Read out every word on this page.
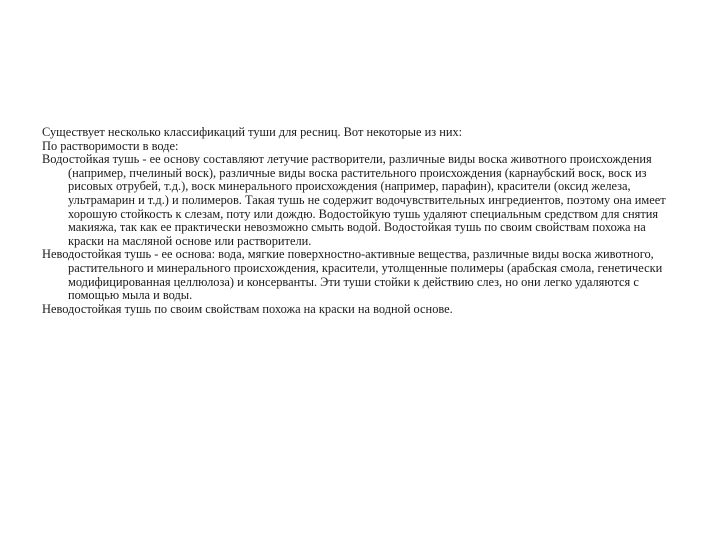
Существует несколько классификаций туши для ресниц. Вот некоторые из них:

По растворимости в воде:

Водостойкая тушь - ее основу составляют летучие растворители, различные виды воска животного происхождения (например, пчелиный воск), различные виды воска растительного происхождения (карнаубский воск, воск из рисовых отрубей, т.д.), воск минерального происхождения (например, парафин), красители (оксид железа, ультрамарин и т.д.) и полимеров. Такая тушь не содержит водочувствительных ингредиентов, поэтому она имеет хорошую стойкость к слезам, поту или дождю. Водостойкую тушь удаляют специальным средством для снятия макияжа, так как ее практически невозможно смыть водой. Водостойкая тушь по своим свойствам похожа на краски на масляной основе или растворители.

Неводостойкая тушь - ее основа: вода, мягкие поверхностно-активные вещества, различные виды воска животного, растительного и минерального происхождения, красители, утолщенные полимеры (арабская смола, генетически модифицированная целлюлоза) и консерванты. Эти туши стойки к действию слез, но они легко удаляются с помощью мыла и воды.

Неводостойкая тушь по своим свойствам похожа на краски на водной основе.
